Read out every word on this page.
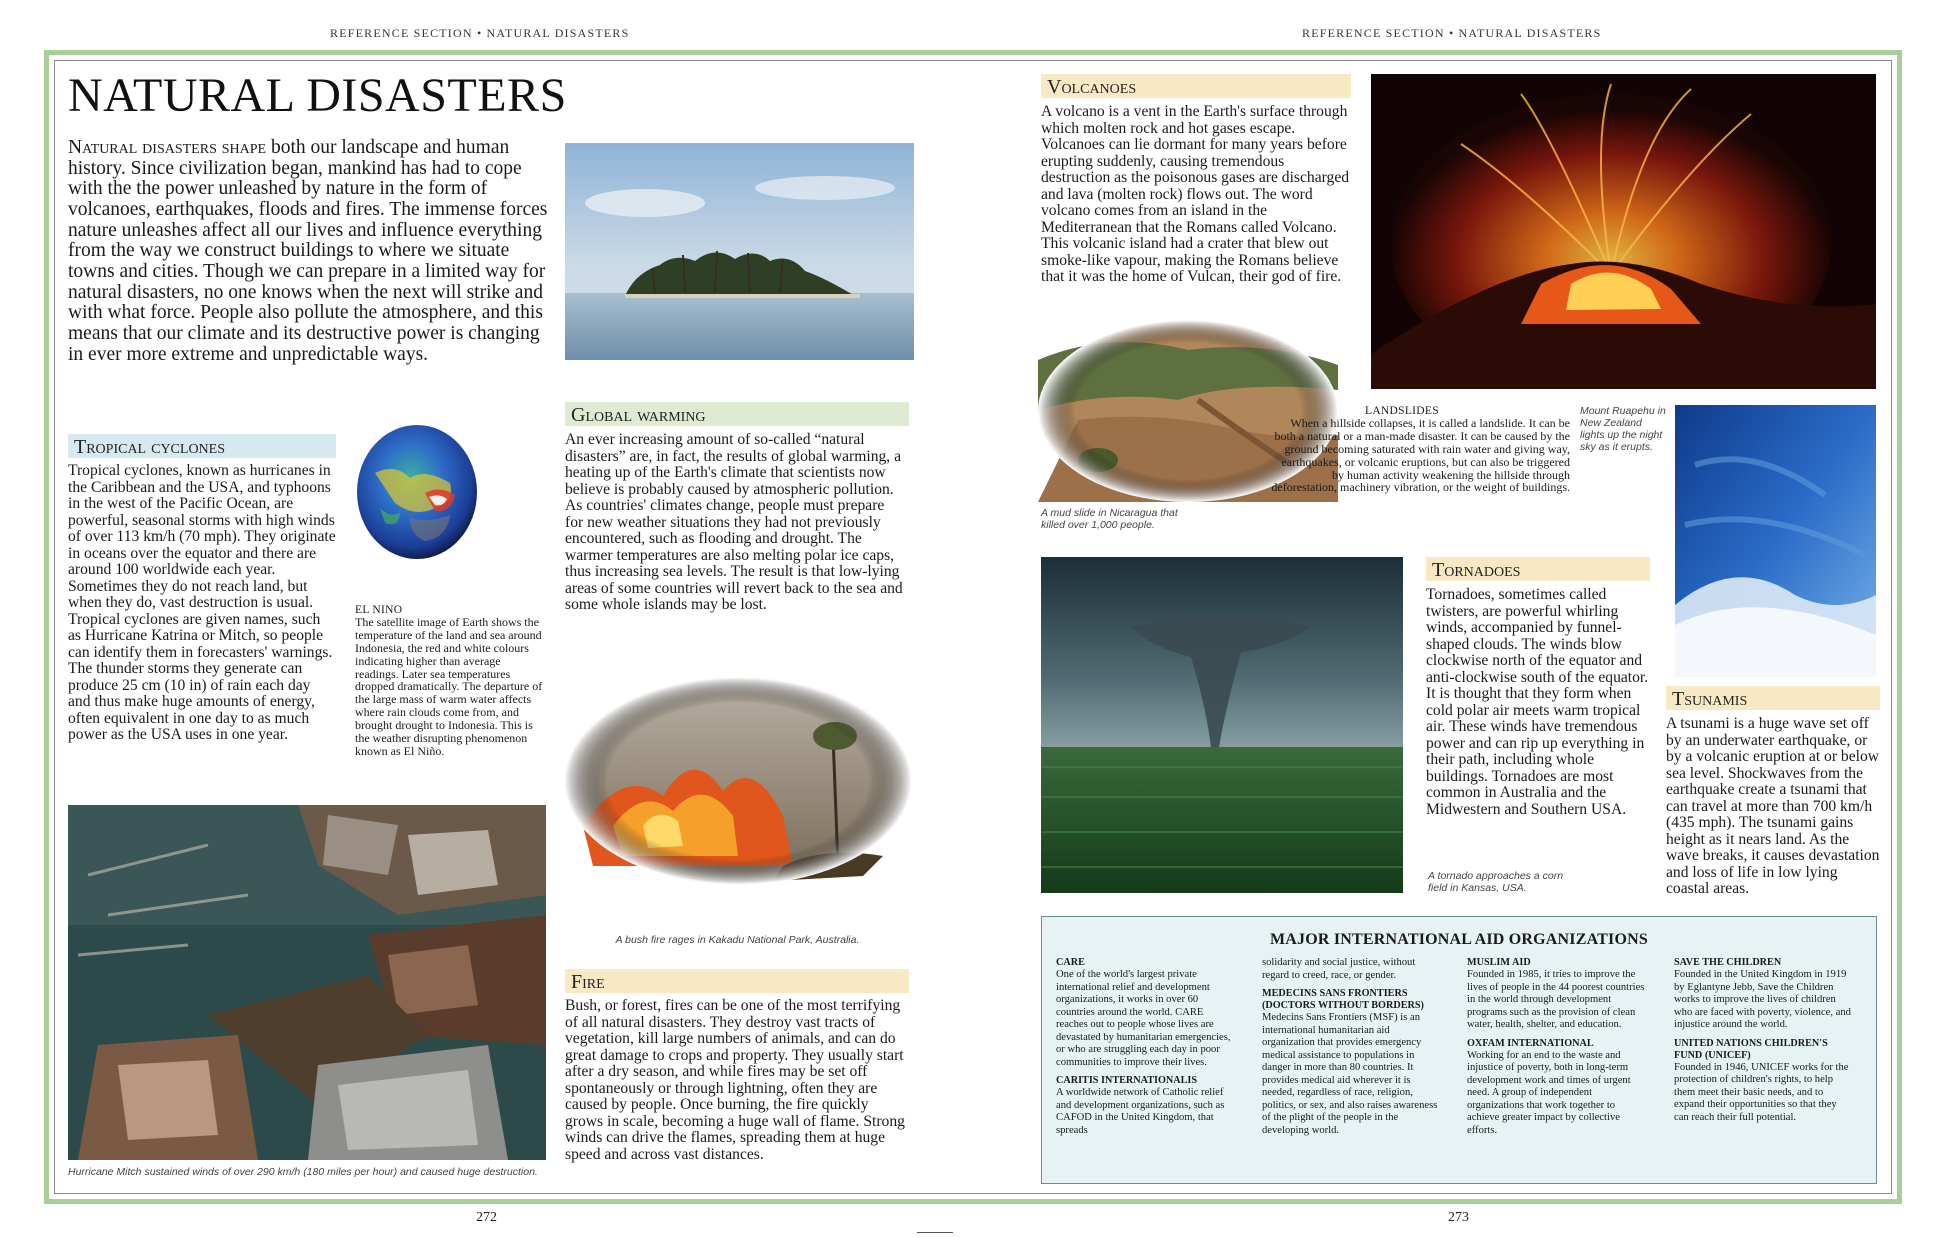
REFERENCE SECTION • NATURAL DISASTERS	REFERENCE SECTION • NATURAL DISASTERS
NATURAL DISASTERS
Natural disasters shape both our landscape and human history. Since civilization began, mankind has had to cope with the the power unleashed by nature in the form of volcanoes, earthquakes, floods and fires. The immense forces nature unleashes affect all our lives and influence everything from the way we construct buildings to where we situate towns and cities. Though we can prepare in a limited way for natural disasters, no one knows when the next will strike and with what force. People also pollute the atmosphere, and this means that our climate and its destructive power is changing in ever more extreme and unpredictable ways.
Tropical cyclones
Tropical cyclones, known as hurricanes in the Caribbean and the USA, and typhoons in the west of the Pacific Ocean, are powerful, seasonal storms with high winds of over 113 km/h (70 mph). They originate in oceans over the equator and there are around 100 worldwide each year. Sometimes they do not reach land, but when they do, vast destruction is usual. Tropical cyclones are given names, such as Hurricane Katrina or Mitch, so people can identify them in forecasters' warnings. The thunder storms they generate can produce 25 cm (10 in) of rain each day and thus make huge amounts of energy, often equivalent in one day to as much power as the USA uses in one year.
EL NINO
The satellite image of Earth shows the temperature of the land and sea around Indonesia, the red and white colours indicating higher than average readings. Later sea temperatures dropped dramatically. The departure of the large mass of warm water affects where rain clouds come from, and brought drought to Indonesia. This is the weather disrupting phenomenon known as El Niño.
Hurricane Mitch sustained winds of over 290 km/h (180 miles per hour) and caused huge destruction.
Global warming
An ever increasing amount of so-called “natural disasters” are, in fact, the results of global warming, a heating up of the Earth's climate that scientists now believe is probably caused by atmospheric pollution. As countries' climates change, people must prepare for new weather situations they had not previously encountered, such as flooding and drought. The warmer temperatures are also melting polar ice caps, thus increasing sea levels. The result is that low-lying areas of some countries will revert back to the sea and some whole islands may be lost.
A bush fire rages in Kakadu National Park, Australia.
Fire
Bush, or forest, fires can be one of the most terrifying of all natural disasters. They destroy vast tracts of vegetation, kill large numbers of animals, and can do great damage to crops and property. They usually start after a dry season, and while fires may be set off spontaneously or through lightning, often they are caused by people. Once burning, the fire quickly grows in scale, becoming a huge wall of flame. Strong winds can drive the flames, spreading them at huge speed and across vast distances.
Volcanoes
A volcano is a vent in the Earth's surface through which molten rock and hot gases escape. Volcanoes can lie dormant for many years before erupting suddenly, causing tremendous destruction as the poisonous gases are discharged and lava (molten rock) flows out. The word volcano comes from an island in the Mediterranean that the Romans called Volcano. This volcanic island had a crater that blew out smoke-like vapour, making the Romans believe that it was the home of Vulcan, their god of fire.
A mud slide in Nicaragua that killed over 1,000 people.
LANDSLIDES
When a hillside collapses, it is called a landslide. It can be both a natural or a man-made disaster. It can be caused by the ground becoming saturated with rain water and giving way, earthquakes, or volcanic eruptions, but can also be triggered by human activity weakening the hillside through deforestation, machinery vibration, or the weight of buildings.
Mount Ruapehu in New Zealand lights up the night sky as it erupts.
A tornado approaches a corn field in Kansas, USA.
Tornadoes
Tornadoes, sometimes called twisters, are powerful whirling winds, accompanied by funnel-shaped clouds. The winds blow clockwise north of the equator and anti-clockwise south of the equator. It is thought that they form when cold polar air meets warm tropical air. These winds have tremendous power and can rip up everything in their path, including whole buildings. Tornadoes are most common in Australia and the Midwestern and Southern USA.
Tsunamis
A tsunami is a huge wave set off by an underwater earthquake, or by a volcanic eruption at or below sea level. Shockwaves from the earthquake create a tsunami that can travel at more than 700 km/h (435 mph). The tsunami gains height as it nears land. As the wave breaks, it causes devastation and loss of life in low lying coastal areas.
MAJOR INTERNATIONAL AID ORGANIZATIONS
CARE
One of the world's largest private international relief and development organizations, it works in over 60 countries around the world. CARE reaches out to people whose lives are devastated by humanitarian emergencies, or who are struggling each day in poor communities to improve their lives.
CARITIS INTERNATIONALIS
A worldwide network of Catholic relief and development organizations, such as CAFOD in the United Kingdom, that spreads
solidarity and social justice, without regard to creed, race, or gender.
MEDECINS SANS FRONTIERS (DOCTORS WITHOUT BORDERS)
Medecins Sans Frontiers (MSF) is an international humanitarian aid organization that provides emergency medical assistance to populations in danger in more than 80 countries. It provides medical aid wherever it is needed, regardless of race, religion, politics, or sex, and also raises awareness of the plight of the people in the developing world.
MUSLIM AID
Founded in 1985, it tries to improve the lives of people in the 44 poorest countries in the world through development programs such as the provision of clean water, health, shelter, and education.
OXFAM INTERNATIONAL
Working for an end to the waste and injustice of poverty, both in long-term development work and times of urgent need. A group of independent organizations that work together to achieve greater impact by collective efforts.
SAVE THE CHILDREN
Founded in the United Kingdom in 1919 by Eglantyne Jebb, Save the Children works to improve the lives of children who are faced with poverty, violence, and injustice around the world.
UNITED NATIONS CHILDREN'S FUND (UNICEF)
Founded in 1946, UNICEF works for the protection of children's rights, to help them meet their basic needs, and to expand their opportunities so that they can reach their full potential.
272	273
